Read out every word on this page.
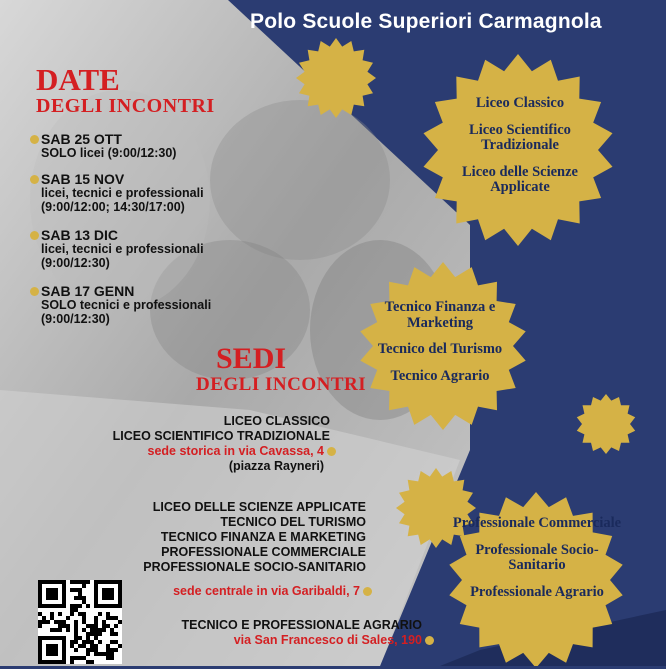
Polo Scuole Superiori Carmagnola
DATE
DEGLI INCONTRI
SAB 25 OTT
SOLO licei (9:00/12:30)
SAB 15 NOV
licei, tecnici e professionali
(9:00/12:00; 14:30/17:00)
SAB 13 DIC
licei, tecnici e professionali
(9:00/12:30)
SAB 17 GENN
SOLO tecnici e professionali
(9:00/12:30)
SEDI
DEGLI INCONTRI
LICEO CLASSICO
LICEO SCIENTIFICO TRADIZIONALE
sede storica in via Cavassa, 4
(piazza Rayneri)
LICEO DELLE SCIENZE APPLICATE
TECNICO DEL TURISMO
TECNICO FINANZA E MARKETING
PROFESSIONALE COMMERCIALE
PROFESSIONALE SOCIO-SANITARIO
sede centrale in via Garibaldi, 7
TECNICO E PROFESSIONALE AGRARIO
via San Francesco di Sales, 190
Liceo Classico
Liceo Scientifico Tradizionale
Liceo delle Scienze Applicate
Tecnico Finanza e Marketing
Tecnico del Turismo
Tecnico Agrario
Professionale Commerciale
Professionale Socio-Sanitario
Professionale Agrario
